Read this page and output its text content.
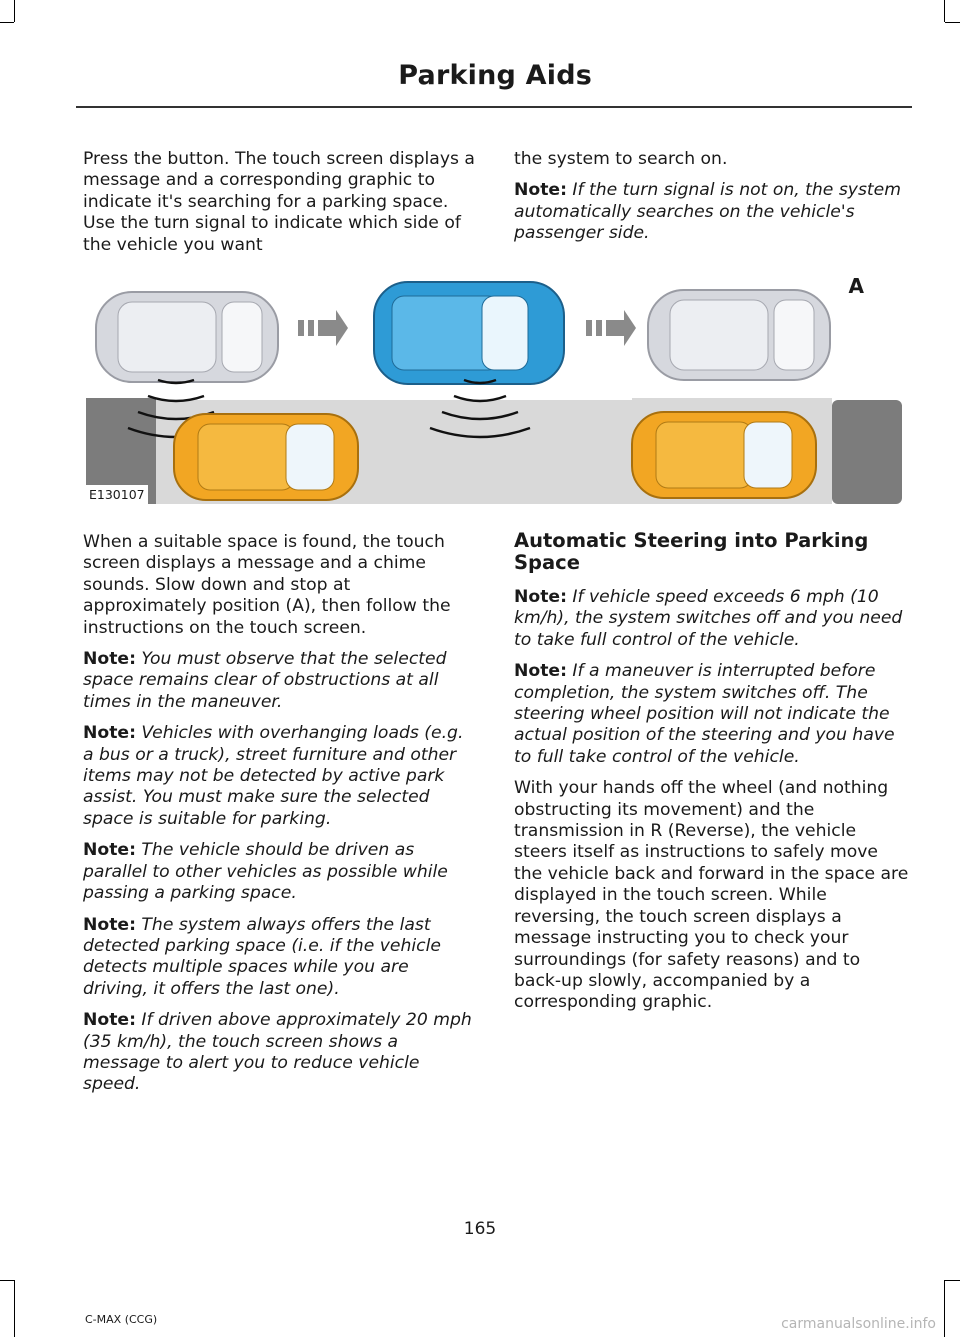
Parking Aids

Press the button. The touch screen displays a message and a corresponding graphic to indicate it's searching for a parking space. Use the turn signal to indicate which side of the vehicle you want

the system to search on.

Note: If the turn signal is not on, the system automatically searches on the vehicle's passenger side.

A
E130107

When a suitable space is found, the touch screen displays a message and a chime sounds. Slow down and stop at approximately position (A), then follow the instructions on the touch screen.

Note: You must observe that the selected space remains clear of obstructions at all times in the maneuver.

Note: Vehicles with overhanging loads (e.g. a bus or a truck), street furniture and other items may not be detected by active park assist. You must make sure the selected space is suitable for parking.

Note: The vehicle should be driven as parallel to other vehicles as possible while passing a parking space.

Note: The system always offers the last detected parking space (i.e. if the vehicle detects multiple spaces while you are driving, it offers the last one).

Note: If driven above approximately 20 mph (35 km/h), the touch screen shows a message to alert you to reduce vehicle speed.

Automatic Steering into Parking Space

Note: If vehicle speed exceeds 6 mph (10 km/h), the system switches off and you need to take full control of the vehicle.

Note: If a maneuver is interrupted before completion, the system switches off. The steering wheel position will not indicate the actual position of the steering and you have to full take control of the vehicle.

With your hands off the wheel (and nothing obstructing its movement) and the transmission in R (Reverse), the vehicle steers itself as instructions to safely move the vehicle back and forward in the space are displayed in the touch screen. While reversing, the touch screen displays a message instructing you to check your surroundings (for safety reasons) and to back-up slowly, accompanied by a corresponding graphic.

165
C-MAX (CCG)	carmanualsonline.info
